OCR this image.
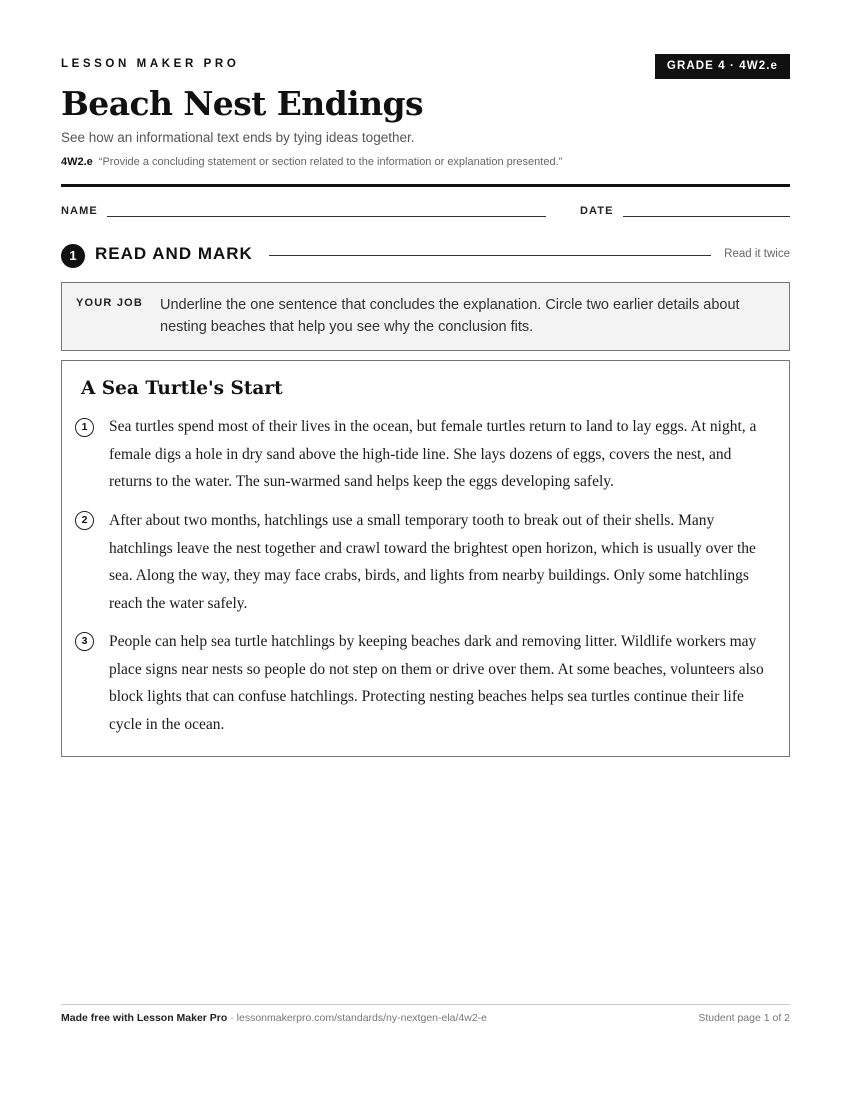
LESSON MAKER PRO	GRADE 4 · 4W2.e
Beach Nest Endings
See how an informational text ends by tying ideas together.
4W2.e “Provide a concluding statement or section related to the information or explanation presented.”
NAME	DATE
1	READ AND MARK	Read it twice
YOUR JOB Underline the one sentence that concludes the explanation. Circle two earlier details about nesting beaches that help you see why the conclusion fits.
A Sea Turtle's Start
1	Sea turtles spend most of their lives in the ocean, but female turtles return to land to lay eggs. At night, a female digs a hole in dry sand above the high-tide line. She lays dozens of eggs, covers the nest, and returns to the water. The sun-warmed sand helps keep the eggs developing safely.
2	After about two months, hatchlings use a small temporary tooth to break out of their shells. Many hatchlings leave the nest together and crawl toward the brightest open horizon, which is usually over the sea. Along the way, they may face crabs, birds, and lights from nearby buildings. Only some hatchlings reach the water safely.
3	People can help sea turtle hatchlings by keeping beaches dark and removing litter. Wildlife workers may place signs near nests so people do not step on them or drive over them. At some beaches, volunteers also block lights that can confuse hatchlings. Protecting nesting beaches helps sea turtles continue their life cycle in the ocean.
Made free with Lesson Maker Pro · lessonmakerpro.com/standards/ny-nextgen-ela/4w2-e	Student page 1 of 2
